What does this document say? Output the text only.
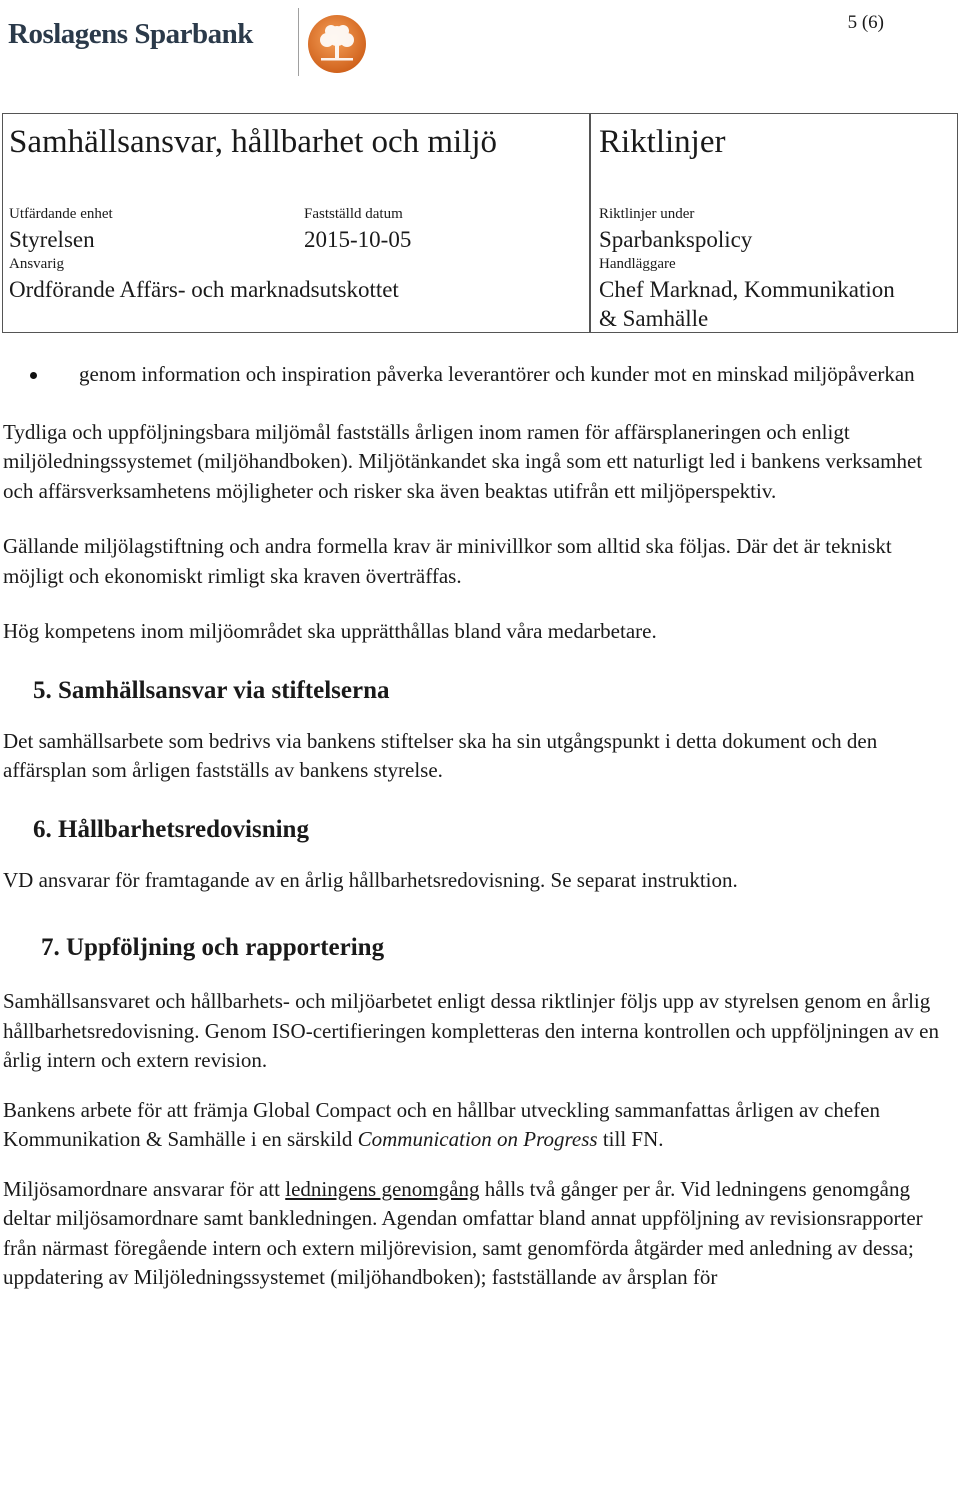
Roslagens Sparbank	5 (6)
Samhällsansvar, hållbarhet och miljö	Riktlinjer
Utfärdande enhet
Styrelsen
Fastställd datum
2015-10-05
Riktlinjer under
Sparbankspolicy
Ansvarig
Ordförande Affärs- och marknadsutskottet
Handläggare
Chef Marknad, Kommunikation
& Samhälle

genom information och inspiration påverka leverantörer och kunder mot en minskad miljöpåverkan

Tydliga och uppföljningsbara miljömål fastställs årligen inom ramen för affärsplaneringen och enligt miljöledningssystemet (miljöhandboken). Miljötänkandet ska ingå som ett naturligt led i bankens verksamhet och affärsverksamhetens möjligheter och risker ska även beaktas utifrån ett miljöperspektiv.

Gällande miljölagstiftning och andra formella krav är minivillkor som alltid ska följas. Där det är tekniskt möjligt och ekonomiskt rimligt ska kraven överträffas.

Hög kompetens inom miljöområdet ska upprätthållas bland våra medarbetare.

5. Samhällsansvar via stiftelserna

Det samhällsarbete som bedrivs via bankens stiftelser ska ha sin utgångspunkt i detta dokument och den affärsplan som årligen fastställs av bankens styrelse.

6. Hållbarhetsredovisning

VD ansvarar för framtagande av en årlig hållbarhetsredovisning. Se separat instruktion.

7. Uppföljning och rapportering

Samhällsansvaret och hållbarhets- och miljöarbetet enligt dessa riktlinjer följs upp av styrelsen genom en årlig hållbarhetsredovisning. Genom ISO-certifieringen kompletteras den interna kontrollen och uppföljningen av en årlig intern och extern revision.

Bankens arbete för att främja Global Compact och en hållbar utveckling sammanfattas årligen av chefen Kommunikation & Samhälle i en särskild Communication on Progress till FN.

Miljösamordnare ansvarar för att ledningens genomgång hålls två gånger per år. Vid ledningens genomgång deltar miljösamordnare samt bankledningen. Agendan omfattar bland annat uppföljning av revisionsrapporter från närmast föregående intern och extern miljörevision, samt genomförda åtgärder med anledning av dessa; uppdatering av Miljöledningssystemet (miljöhandboken); fastställande av årsplan för
